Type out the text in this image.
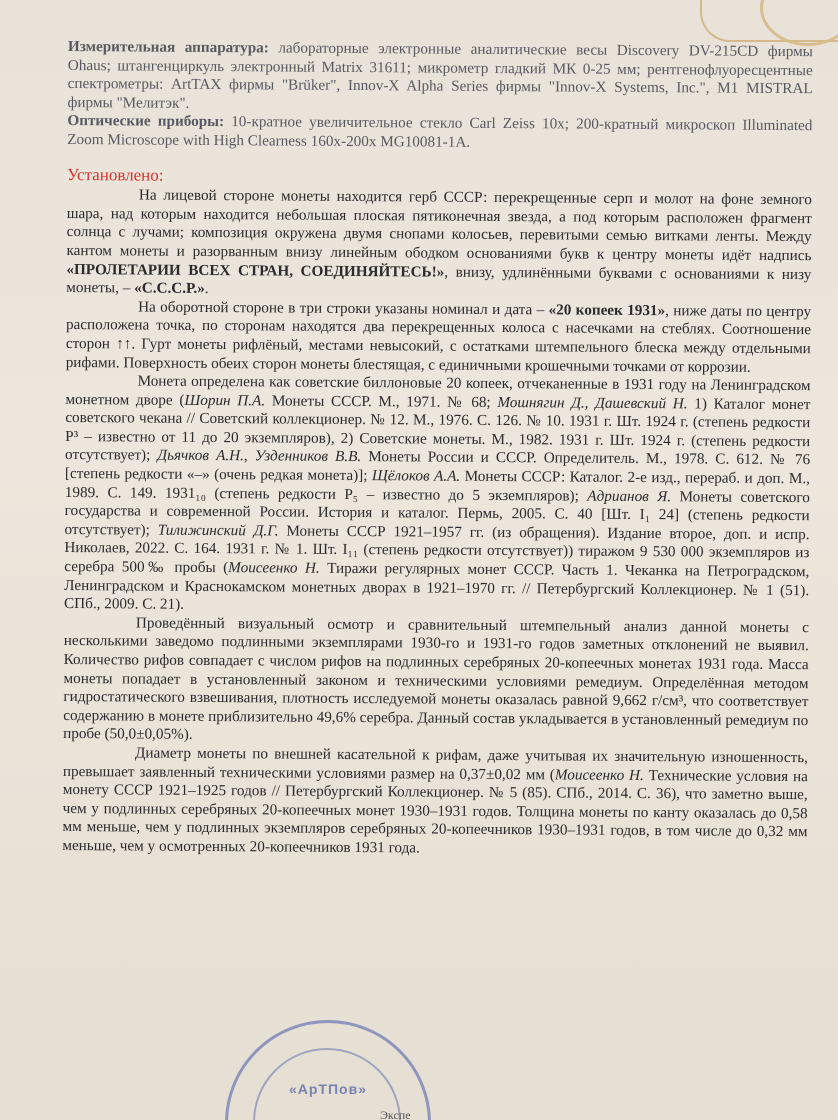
Измерительная аппаратура: лабораторные электронные аналитические весы Discovery DV-215CD фирмы Ohaus; штангенциркуль электронный Matrix 31611; микрометр гладкий МК 0-25 мм; рентгенофлуоресцентные спектрометры: ArtTAX фирмы "Brüker", Innov-X Alpha Series фирмы "Innov-X Systems, Inc.", M1 MISTRAL фирмы "Мелитэк".

Оптические приборы: 10-кратное увеличительное стекло Carl Zeiss 10x; 200-кратный микроскоп Illuminated Zoom Microscope with High Clearness 160x-200x MG10081-1A.

Установлено:

На лицевой стороне монеты находится герб СССР: перекрещенные серп и молот на фоне земного шара, над которым находится небольшая плоская пятиконечная звезда, а под которым расположен фрагмент солнца с лучами; композиция окружена двумя снопами колосьев, перевитыми семью витками ленты. Между кантом монеты и разорванным внизу линейным ободком основаниями букв к центру монеты идёт надпись «ПРОЛЕТАРИИ ВСЕХ СТРАН, СОЕДИНЯЙТЕСЬ!», внизу, удлинёнными буквами с основаниями к низу монеты, – «С.С.С.Р.».

На оборотной стороне в три строки указаны номинал и дата – «20 копеек 1931», ниже даты по центру расположена точка, по сторонам находятся два перекрещенных колоса с насечками на стеблях. Соотношение сторон ↑↑. Гурт монеты рифлёный, местами невысокий, с остатками штемпельного блеска между отдельными рифами. Поверхность обеих сторон монеты блестящая, с единичными крошечными точками от коррозии.

Монета определена как советские биллоновые 20 копеек, отчеканенные в 1931 году на Ленинградском монетном дворе (Шорин П.А. Монеты СССР. М., 1971. № 68; Мошнягин Д., Дашевский Н. 1) Каталог монет советского чекана // Советский коллекционер. № 12. М., 1976. С. 126. № 10. 1931 г. Шт. 1924 г. (степень редкости Р³ – известно от 11 до 20 экземпляров), 2) Советские монеты. М., 1982. 1931 г. Шт. 1924 г. (степень редкости отсутствует); Дьячков А.Н., Узденников В.В. Монеты России и СССР. Определитель. М., 1978. С. 612. № 76 [степень редкости «–» (очень редкая монета)]; Щёлоков А.А. Монеты СССР: Каталог. 2-е изд., перераб. и доп. М., 1989. С. 149. 1931₁₀ (степень редкости Р₅ – известно до 5 экземпляров); Адрианов Я. Монеты советского государства и современной России. История и каталог. Пермь, 2005. С. 40 [Шт. I₁ 24] (степень редкости отсутствует); Тилижинский Д.Г. Монеты СССР 1921–1957 гг. (из обращения). Издание второе, доп. и испр. Николаев, 2022. С. 164. 1931 г. № 1. Шт. I₁₁ (степень редкости отсутствует)) тиражом 9 530 000 экземпляров из серебра 500‰ пробы (Моисеенко Н. Тиражи регулярных монет СССР. Часть 1. Чеканка на Петроградском, Ленинградском и Краснокамском монетных дворах в 1921–1970 гг. // Петербургский Коллекционер. № 1 (51). СПб., 2009. С. 21).

Проведённый визуальный осмотр и сравнительный штемпельный анализ данной монеты с несколькими заведомо подлинными экземплярами 1930-го и 1931-го годов заметных отклонений не выявил. Количество рифов совпадает с числом рифов на подлинных серебряных 20-копеечных монетах 1931 года. Масса монеты попадает в установленный законом и техническими условиями ремедиум. Определённая методом гидростатического взвешивания, плотность исследуемой монеты оказалась равной 9,662 г/см³, что соответствует содержанию в монете приблизительно 49,6% серебра. Данный состав укладывается в установленный ремедиум по пробе (50,0±0,05%).

Диаметр монеты по внешней касательной к рифам, даже учитывая их значительную изношенность, превышает заявленный техническими условиями размер на 0,37±0,02 мм (Моисеенко Н. Технические условия на монету СССР 1921–1925 годов // Петербургский Коллекционер. № 5 (85). СПб., 2014. С. 36), что заметно выше, чем у подлинных серебряных 20-копеечных монет 1930–1931 годов. Толщина монеты по канту оказалась до 0,58 мм меньше, чем у подлинных экземпляров серебряных 20-копеечников 1930–1931 годов, в том числе до 0,32 мм меньше, чем у осмотренных 20-копеечников 1931 года.

«АрТПов»
Экспе
